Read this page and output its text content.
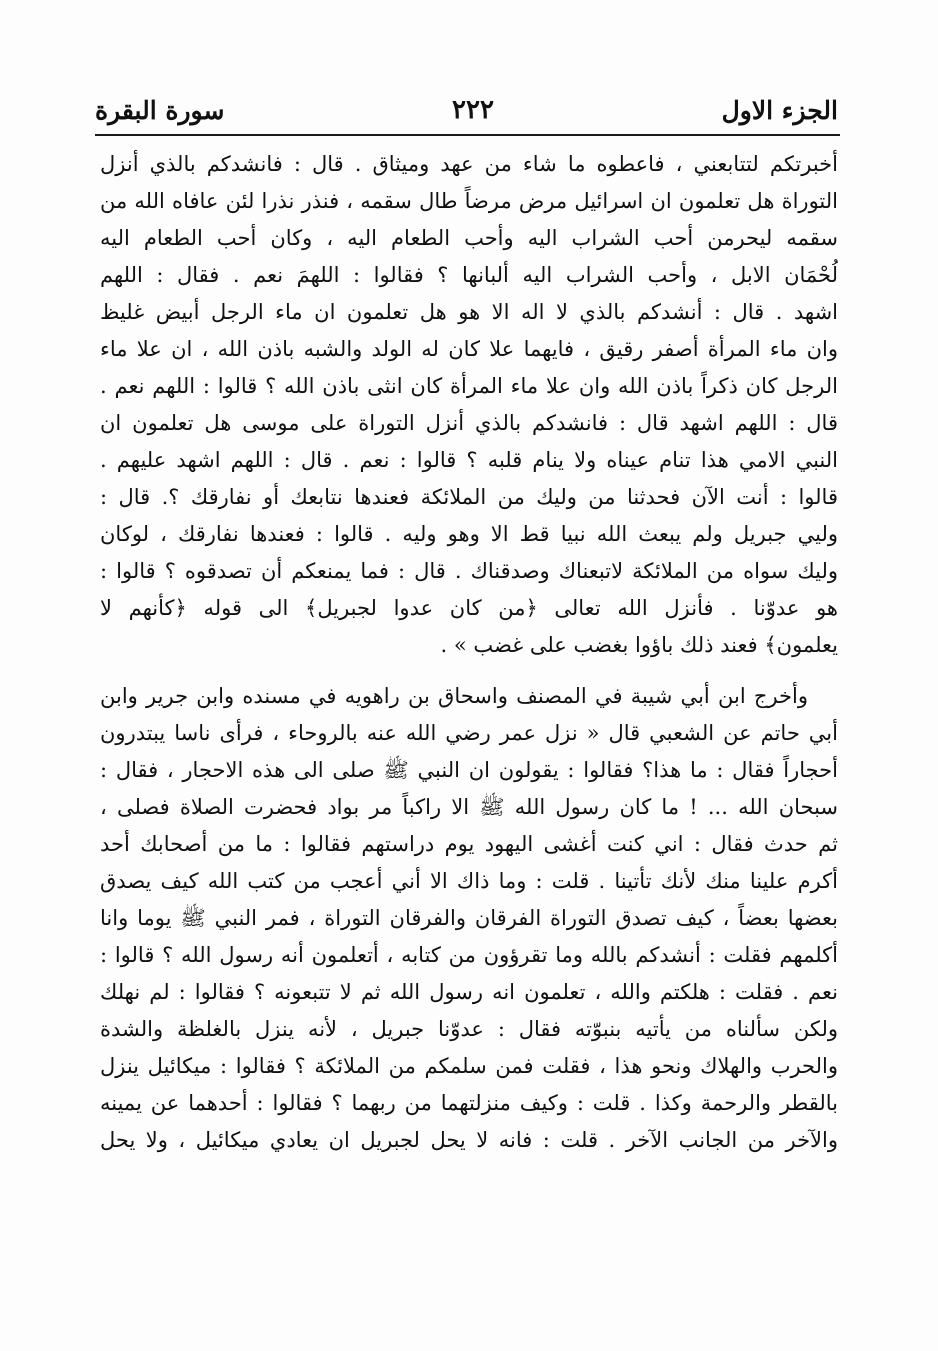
الجزء الاول
٢٢٢
سورة البقرة
أخبرتكم لتتابعني ، فاعطوه ما شاء من عهد وميثاق . قال : فانشدكم بالذي أنزل
التوراة هل تعلمون ان اسرائيل مرض مرضاً طال سقمه ، فنذر نذرا لئن عافاه الله من
سقمه ليحرمن أحب الشراب اليه وأحب الطعام اليه ، وكان أحب الطعام اليه
لُحْمَان الابل ، وأحب الشراب اليه ألبانها ؟ فقالوا : اللهمَ نعم . فقال : اللهم
اشهد . قال : أنشدكم بالذي لا اله الا هو هل تعلمون ان ماء الرجل أبيض غليظ
وان ماء المرأة أصفر رقيق ، فايهما علا كان له الولد والشبه باذن الله ، ان علا ماء
الرجل كان ذكراً باذن الله وان علا ماء المرأة كان انثى باذن الله ؟ قالوا : اللهم نعم .
قال : اللهم اشهد قال : فانشدكم بالذي أنزل التوراة على موسى هل تعلمون ان
النبي الامي هذا تنام عيناه ولا ينام قلبه ؟ قالوا : نعم . قال : اللهم اشهد عليهم .
قالوا : أنت الآن فحدثنا من وليك من الملائكة فعندها نتابعك أو نفارقك ؟. قال :
وليي جبريل ولم يبعث الله نبيا قط الا وهو وليه . قالوا : فعندها نفارقك ، لوكان
وليك سواه من الملائكة لاتبعناك وصدقناك . قال : فما يمنعكم أن تصدقوه ؟ قالوا :
هو عدوّنا . فأنزل الله تعالى ﴿من كان عدوا لجبريل﴾ الى قوله ﴿كأنهم لا
يعلمون﴾ فعند ذلك باؤوا بغضب على غضب » .
وأخرج ابن أبي شيبة في المصنف واسحاق بن راهويه في مسنده وابن جرير وابن
أبي حاتم عن الشعبي قال « نزل عمر رضي الله عنه بالروحاء ، فرأى ناسا يبتدرون
أحجاراً فقال : ما هذا؟ فقالوا : يقولون ان النبي ﷺ صلى الى هذه الاحجار ، فقال :
سبحان الله ... ! ما كان رسول الله ﷺ الا راكباً مر بواد فحضرت الصلاة فصلى ،
ثم حدث فقال : اني كنت أغشى اليهود يوم دراستهم فقالوا : ما من أصحابك أحد
أكرم علينا منك لأنك تأتينا . قلت : وما ذاك الا أني أعجب من كتب الله كيف يصدق
بعضها بعضاً ، كيف تصدق التوراة الفرقان والفرقان التوراة ، فمر النبي ﷺ يوما وانا
أكلمهم فقلت : أنشدكم بالله وما تقرؤون من كتابه ، أتعلمون أنه رسول الله ؟ قالوا :
نعم . فقلت : هلكتم والله ، تعلمون انه رسول الله ثم لا تتبعونه ؟ فقالوا : لم نهلك
ولكن سألناه من يأتيه بنبوّته فقال : عدوّنا جبريل ، لأنه ينزل بالغلظة والشدة
والحرب والهلاك ونحو هذا ، فقلت فمن سلمكم من الملائكة ؟ فقالوا : ميكائيل ينزل
بالقطر والرحمة وكذا . قلت : وكيف منزلتهما من ربهما ؟ فقالوا : أحدهما عن يمينه
والآخر من الجانب الآخر . قلت : فانه لا يحل لجبريل ان يعادي ميكائيل ، ولا يحل
